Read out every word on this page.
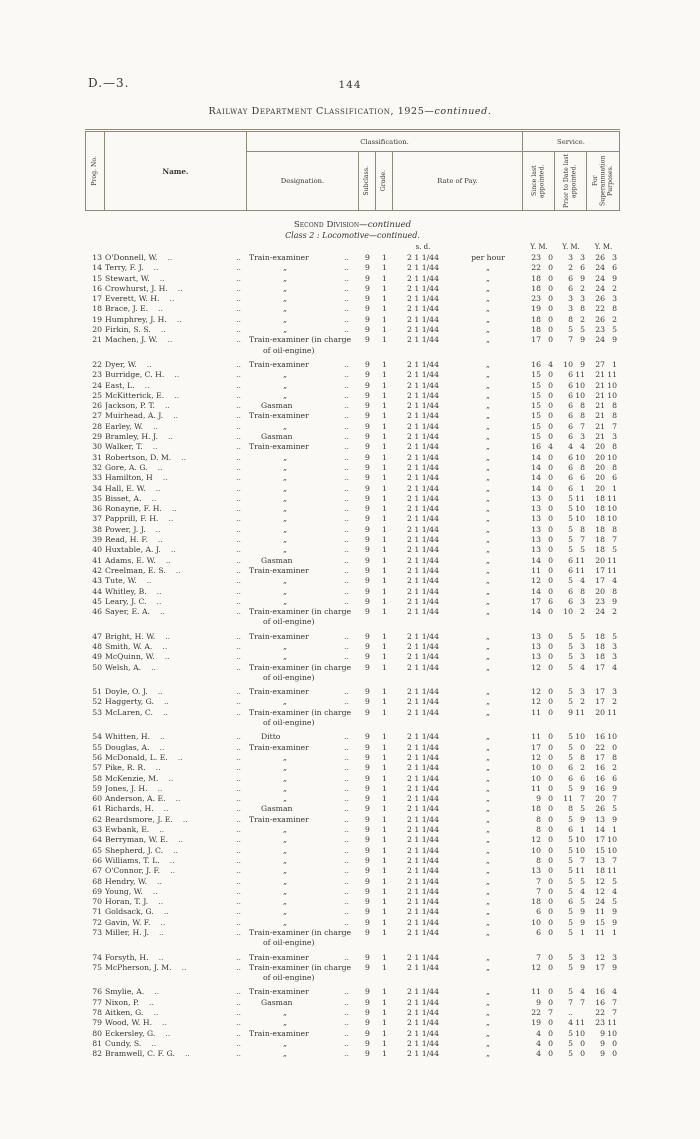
D.—3.	144
Railway Department Classification, 1925—continued.
Prog. No.	Name.
Classification.	Service.
Designation.	Subclass. Grade.	Rate of Pay.	Since last appointed.	Prior to Date last appointed. For Superannuation Purposes.
Second Division—continued
Class 2 : Locomotive—continued.
s. d.	Y. M.	Y. M.	Y. M.
13 O'Donnell, W. ..	.. Train-examiner	..	9	1	2 1 1/44	per hour	23 0	3 3	26 3
14 Terry, F. J. ..	..	„	..	9	1	2 1 1/44	„	22 0	2 6	24 6
15 Stewart, W. ..	..	„	..	9	1	2 1 1/44	„	18 0	6 9	24 9
16 Crowhurst, J. H. ..	..	„	..	9	1	2 1 1/44	„	18 0	6 2	24 2
17 Everett, W. H. ..	..	„	..	9	1	2 1 1/44	„	23 0	3 3	26 3
18 Brace, J. E. ..	..	„	..	9	1	2 1 1/44	„	19 0	3 8	22 8
19 Humphrey, J. H. ..	..	„	..	9	1	2 1 1/44	„	18 0	8 2	26 2
20 Firkin, S. S. ..	..	„	..	9	1	2 1 1/44	„	18 0	5 5	23 5
21 Machen, J. W. ..	.. Train-examiner (in charge
of oil-engine)
9	1	2 1 1/44	„	17 0	7 9	24 9
22 Dyer, W. ..	.. Train-examiner	..	9	1	2 1 1/44	„	16 4	10 9	27 1
23 Burridge, C. H. ..	..	„	..	9	1	2 1 1/44	„	15 0	6 11	21 11
24 East, L. ..	..	„	..	9	1	2 1 1/44	„	15 0	6 10	21 10
25 McKitterick, E. ..	..	„	..	9	1	2 1 1/44	„	15 0	6 10	21 10
26 Jackson, P. T. ..	..	Gasman	..	9	1	2 1 1/44	„	15 0	6 8	21 8
27 Muirhead, A. J. ..	.. Train-examiner	..	9	1	2 1 1/44	„	15 0	6 8	21 8
28 Earley, W. ..	..	„	..	9	1	2 1 1/44	„	15 0	6 7	21 7
29 Bramley, H. J. ..	..	Gasman	..	9	1	2 1 1/44	„	15 0	6 3	21 3
30 Walker, T. ..	.. Train-examiner	..	9	1	2 1 1/44	„	16 4	4 4	20 8
31 Robertson, D. M. ..	..	„	..	9	1	2 1 1/44	„	14 0	6 10	20 10
32 Gore, A. G. ..	..	„	..	9	1	2 1 1/44	„	14 0	6 8	20 8
33 Hamilton, H ..	..	„	..	9	1	2 1 1/44	„	14 0	6 6	20 6
34 Hall, E. W. ..	..	„	..	9	1	2 1 1/44	„	14 0	6 1	20 1
35 Bisset, A. ..	..	„	..	9	1	2 1 1/44	„	13 0	5 11	18 11
36 Ronayne, F. H. ..	..	„	..	9	1	2 1 1/44	„	13 0	5 10	18 10
37 Papprill, F. H. ..	..	„	..	9	1	2 1 1/44	„	13 0	5 10	18 10
38 Power, J. J. ..	..	„	..	9	1	2 1 1/44	„	13 0	5 8	18 8
39 Read, H. F. ..	..	„	..	9	1	2 1 1/44	„	13 0	5 7	18 7
40 Huxtable, A. J. ..	..	„	..	9	1	2 1 1/44	„	13 0	5 5	18 5
41 Adams, E. W. ..	..	Gasman	..	9	1	2 1 1/44	„	14 0	6 11	20 11
42 Creelman, E. S. ..	.. Train-examiner	..	9	1	2 1 1/44	„	11 0	6 11	17 11
43 Tute, W. ..	..	„	..	9	1	2 1 1/44	„	12 0	5 4	17 4
44 Whitley, B. ..	..	„	..	9	1	2 1 1/44	„	14 0	6 8	20 8
45 Leary, J. C. ..	..	„	..	9	1	2 1 1/44	„	17 6	6 3	23 9
46 Sayer, E. A. ..	.. Train-examiner (in charge
of oil-engine)
9	1	2 1 1/44	„	14 0	10 2	24 2
47 Bright, H. W. ..	.. Train-examiner	..	9	1	2 1 1/44	„	13 0	5 5	18 5
48 Smith, W. A. ..	..	„	..	9	1	2 1 1/44	„	13 0	5 3	18 3
49 McQuinn, W. ..	..	„	..	9	1	2 1 1/44	„	13 0	5 3	18 3
50 Welsh, A. ..	.. Train-examiner (in charge
of oil-engine)
9	1	2 1 1/44	„	12 0	5 4	17 4
51 Doyle, O. J. ..	.. Train-examiner	..	9	1	2 1 1/44	„	12 0	5 3	17 3
52 Haggerty, G. ..	..	„	..	9	1	2 1 1/44	„	12 0	5 2	17 2
53 McLaren, C. ..	.. Train-examiner (in charge
of oil-engine)
9	1	2 1 1/44	„	11 0	9 11	20 11
54 Whitten, H. ..	..	Ditto	..	9	1	2 1 1/44	„	11 0	5 10	16 10
55 Douglas, A. ..	.. Train-examiner	..	9	1	2 1 1/44	„	17 0	5 0	22 0
56 McDonald, L. E. ..	..	„	..	9	1	2 1 1/44	„	12 0	5 8	17 8
57 Pike, R. R. ..	..	„	..	9	1	2 1 1/44	„	10 0	6 2	16 2
58 McKenzie, M. ..	..	„	..	9	1	2 1 1/44	„	10 0	6 6	16 6
59 Jones, J. H. ..	..	„	..	9	1	2 1 1/44	„	11 0	5 9	16 9
60 Anderson, A. E. ..	..	„	..	9	1	2 1 1/44	„	9 0	11 7	20 7
61 Richards, H. ..	..	Gasman	..	9	1	2 1 1/44	„	18 0	8 5	26 5
62 Beardsmore, J. E. ..	.. Train-examiner	..	9	1	2 1 1/44	„	8 0	5 9	13 9
63 Ewbank, E. ..	..	„	..	9	1	2 1 1/44	„	8 0	6 1	14 1
64 Berryman, W. E. ..	..	„	..	9	1	2 1 1/44	„	12 0	5 10	17 10
65 Shepherd, J. C. ..	..	„	..	9	1	2 1 1/44	„	10 0	5 10	15 10
66 Williams, T. L. ..	..	„	..	9	1	2 1 1/44	„	8 0	5 7	13 7
67 O'Connor, J. F. ..	..	„	..	9	1	2 1 1/44	„	13 0	5 11	18 11
68 Hendry, W. ..	..	„	..	9	1	2 1 1/44	„	7 0	5 5	12 5
69 Young, W. ..	..	„	..	9	1	2 1 1/44	„	7 0	5 4	12 4
70 Horan, T. J. ..	..	„	..	9	1	2 1 1/44	„	18 0	6 5	24 5
71 Goldsack, G. ..	..	„	..	9	1	2 1 1/44	„	6 0	5 9	11 9
72 Gavin, W. F. ..	..	„	..	9	1	2 1 1/44	„	10 0	5 9	15 9
73 Miller, H. J. ..	.. Train-examiner (in charge
of oil-engine)
9	1	2 1 1/44	„	6 0	5 1	11 1
74 Forsyth, H. ..	.. Train-examiner	..	9	1	2 1 1/44	„	7 0	5 3	12 3
75 McPherson, J. M. ..	.. Train-examiner (in charge
of oil-engine)
9	1	2 1 1/44	„	12 0	5 9	17 9
76 Smylie, A. ..	.. Train-examiner	..	9	1	2 1 1/44	„	11 0	5 4	16 4
77 Nixon, P. ..	..	Gasman	..	9	1	2 1 1/44	„	9 0	7 7	16 7
78 Aitken, G. ..	..	„	..	9	1	2 1 1/44	„	22 7	..	22 7
79 Wood, W. H. ..	..	„	..	9	1	2 1 1/44	„	19 0	4 11	23 11
80 Eckersley, G. ..	.. Train-examiner	..	9	1	2 1 1/44	„	4 0	5 10	9 10
81 Cundy, S. ..	..	„	..	9	1	2 1 1/44	„	4 0	5 0	9 0
82 Bramwell, C. F. G. ..	..	„	..	9	1	2 1 1/44	„	4 0	5 0	9 0
